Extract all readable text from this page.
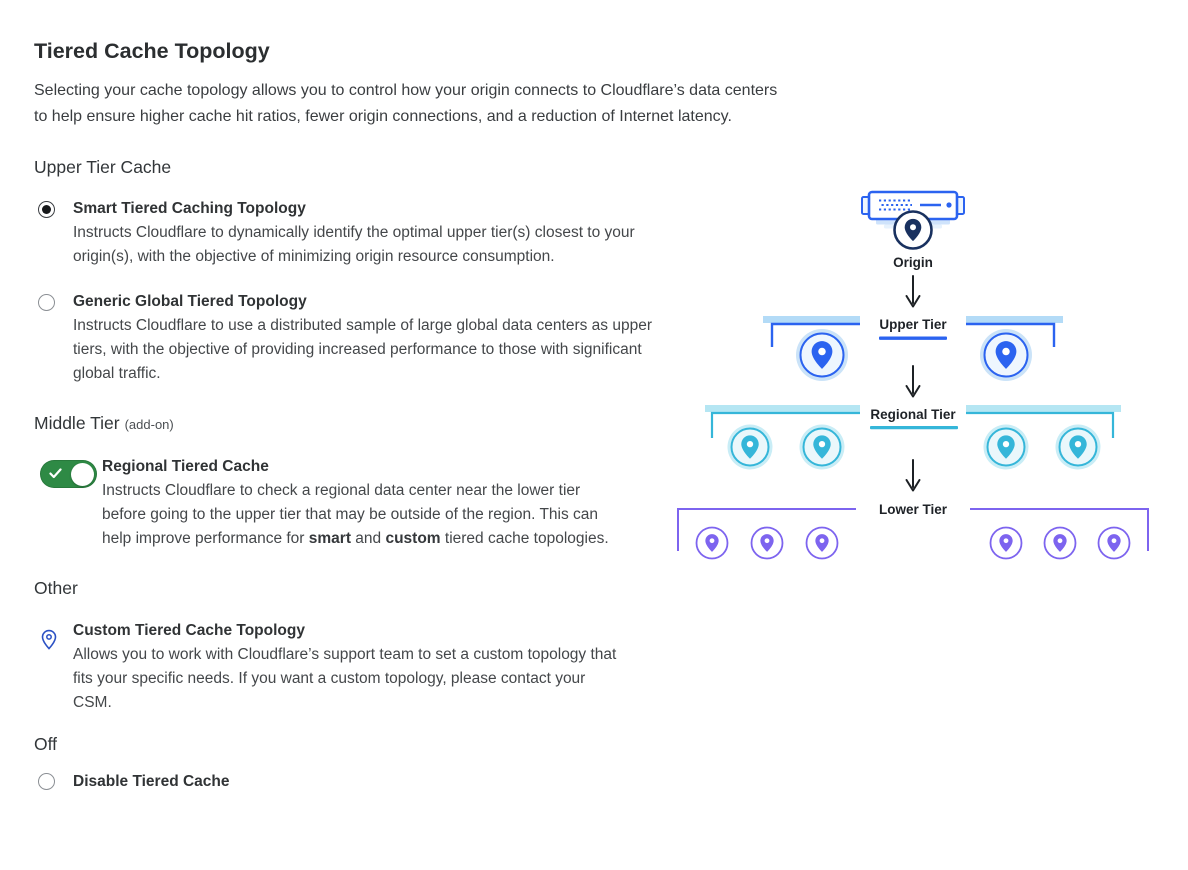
Tiered Cache Topology
Selecting your cache topology allows you to control how your origin connects to Cloudflare’s data centers
to help ensure higher cache hit ratios, fewer origin connections, and a reduction of Internet latency.
Upper Tier Cache
Smart Tiered Caching Topology
Instructs Cloudflare to dynamically identify the optimal upper tier(s) closest to your origin(s), with the objective of minimizing origin resource consumption.
Generic Global Tiered Topology
Instructs Cloudflare to use a distributed sample of large global data centers as upper tiers, with the objective of providing increased performance to those with significant global traffic.
Middle Tier (add-on)
Regional Tiered Cache
Instructs Cloudflare to check a regional data center near the lower tier before going to the upper tier that may be outside of the region. This can help improve performance for smart and custom tiered cache topologies.
Other
Custom Tiered Cache Topology
Allows you to work with Cloudflare’s support team to set a custom topology that fits your specific needs. If you want a custom topology, please contact your CSM.
Off
Disable Tiered Cache
Origin
Upper Tier
Regional Tier
Lower Tier
